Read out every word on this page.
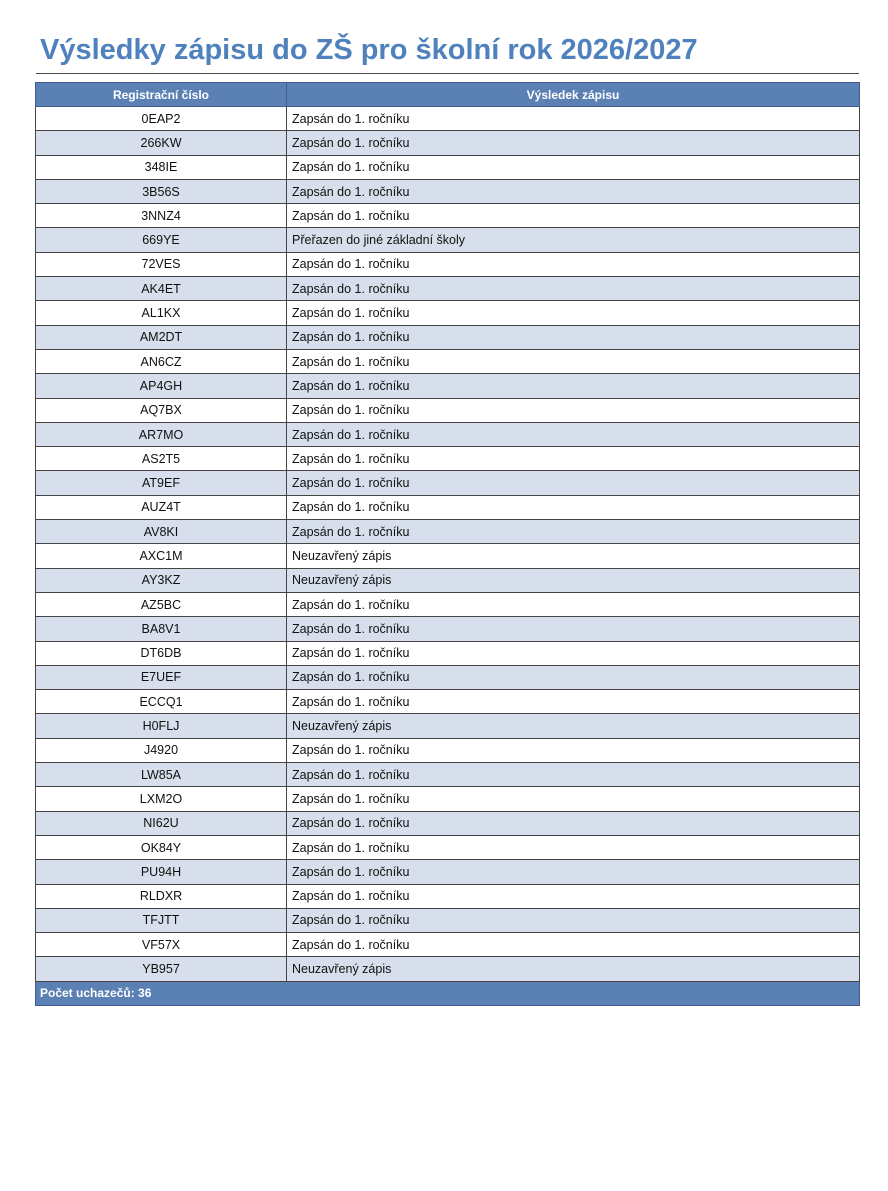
Výsledky zápisu do ZŠ pro školní rok 2026/2027
Registrační číslo	Výsledek zápisu
0EAP2	Zapsán do 1. ročníku
266KW	Zapsán do 1. ročníku
348IE	Zapsán do 1. ročníku
3B56S	Zapsán do 1. ročníku
3NNZ4	Zapsán do 1. ročníku
669YE	Přeřazen do jiné základní školy
72VES	Zapsán do 1. ročníku
AK4ET	Zapsán do 1. ročníku
AL1KX	Zapsán do 1. ročníku
AM2DT	Zapsán do 1. ročníku
AN6CZ	Zapsán do 1. ročníku
AP4GH	Zapsán do 1. ročníku
AQ7BX	Zapsán do 1. ročníku
AR7MO	Zapsán do 1. ročníku
AS2T5	Zapsán do 1. ročníku
AT9EF	Zapsán do 1. ročníku
AUZ4T	Zapsán do 1. ročníku
AV8KI	Zapsán do 1. ročníku
AXC1M	Neuzavřený zápis
AY3KZ	Neuzavřený zápis
AZ5BC	Zapsán do 1. ročníku
BA8V1	Zapsán do 1. ročníku
DT6DB	Zapsán do 1. ročníku
E7UEF	Zapsán do 1. ročníku
ECCQ1	Zapsán do 1. ročníku
H0FLJ	Neuzavřený zápis
J4920	Zapsán do 1. ročníku
LW85A	Zapsán do 1. ročníku
LXM2O	Zapsán do 1. ročníku
NI62U	Zapsán do 1. ročníku
OK84Y	Zapsán do 1. ročníku
PU94H	Zapsán do 1. ročníku
RLDXR	Zapsán do 1. ročníku
TFJTT	Zapsán do 1. ročníku
VF57X	Zapsán do 1. ročníku
YB957	Neuzavřený zápis
Počet uchazečů: 36	
